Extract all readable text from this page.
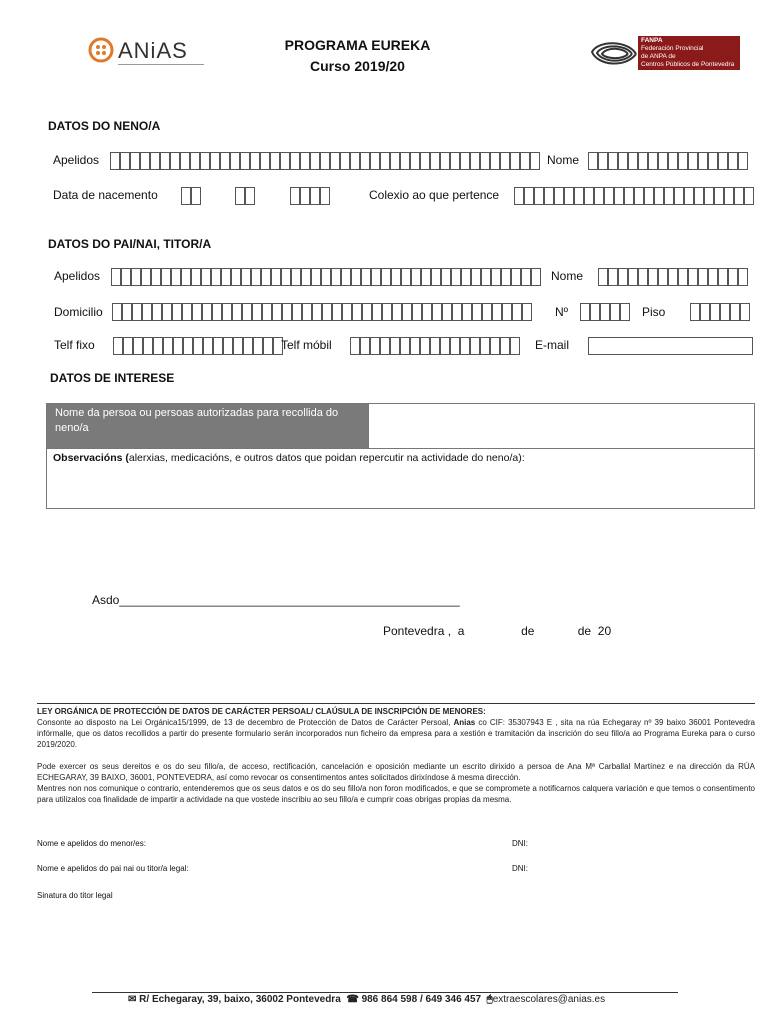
ANiAS	PROGRAMA EUREKA
Curso 2019/20
FANPA
Federación Provincial
de ANPA de
Centros Públicos de Pontevedra
DATOS DO NENO/A
Apelidos	Nome
Data de nacemento	Colexio ao que pertence
DATOS DO PAI/NAI, TITOR/A
Apelidos	Nome
Domicilio	Nº	Piso
Telf fixo	Telf móbil	E-mail
DATOS DE INTERESE
Nome da persoa ou persoas autorizadas para recollida do neno/a
Observacións (alerxias, medicacións, e outros datos que poidan repercutir na actividade do neno/a):
Asdo___________________________________________________
Pontevedra ,  a                 de             de  20
LEY ORGÁNICA DE PROTECCIÓN DE DATOS DE CARÁCTER PERSOAL/ CLAÚSULA DE INSCRIPCIÓN DE MENORES:
Consonte ao disposto na Lei Orgánica15/1999, de 13 de decembro de Protección de Datos de Carácter Persoal, Anias co CIF: 35307943 E , sita na rúa Echegaray nº 39 baixo 36001 Pontevedra infórmalle, que os datos recollidos a partir do presente formulario serán incorporados nun ficheiro da empresa para a xestión e tramitación da inscrición do seu fillo/a ao Programa Eureka para o curso 2019/2020.
Pode exercer os seus dereitos e os do seu fillo/a, de acceso, rectificación, cancelación e oposición mediante un escrito dirixido a persoa de Ana Mª Carballal Martínez e na dirección da RÚA ECHEGARAY, 39 BAIXO, 36001, PONTEVEDRA, así como revocar os consentimentos antes solicitados dirixíndose á mesma dirección.
Mentres non nos comunique o contrario, entenderemos que os seus datos e os do seu fillo/a non foron modificados, e que se compromete a notificarnos calquera variación e que temos o consentimento para utilizalos coa finalidade de impartir a actividade na que vostede inscribiu ao seu fillo/a e cumprir coas obrigas propias da mesma.
Nome e apelidos do menor/es:	DNI:
Nome e apelidos do pai nai ou titor/a legal:	DNI:
Sinatura do titor legal
✉ R/ Echegaray, 39, baixo, 36002 Pontevedra  ☎ 986 864 598 / 649 346 457  🖱extraescolares@anias.es
